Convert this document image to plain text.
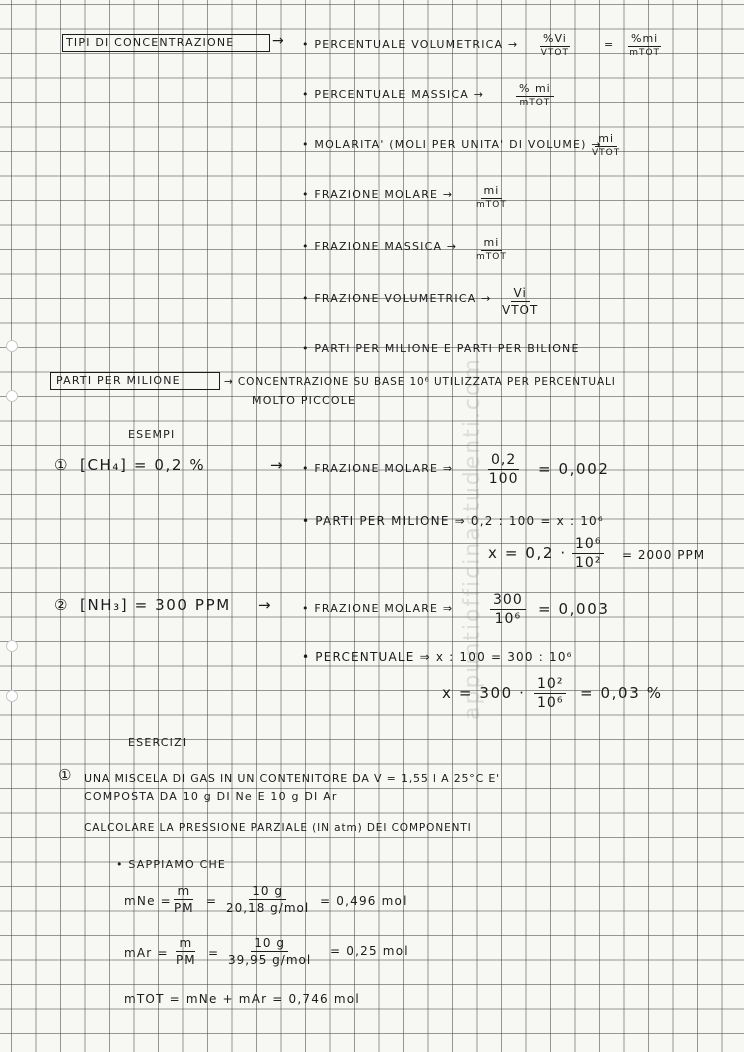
appuntiofficinastudenti.com
TIPI DI CONCENTRAZIONE	→ • PERCENTUALE VOLUMETRICA → %Vi
VTOT
= %mi
mTOT
• PERCENTUALE MASSICA →	% mi
mTOT
• MOLARITA' (MOLI PER UNITA' DI VOLUME) →
mi
VTOT
• FRAZIONE MOLARE →	mi
mTOT
• FRAZIONE MASSICA → mi
mTOT
• FRAZIONE VOLUMETRICA → Vi
VTOT
• PARTI PER MILIONE E PARTI PER BILIONE
PARTI PER MILIONE	→ CONCENTRAZIONE SU BASE 10⁶ UTILIZZATA PER PERCENTUALI
MOLTO PICCOLE
ESEMPI
① [CH₄] = 0,2 %	→ • FRAZIONE MOLARE ⇒ $\frac{0,2}{100} = 0,002$
• PARTI PER MILIONE ⇒ 0,2 : 100 = x : 10⁶
$x = 0,2 \cdot \frac{\text{10⁶}}{\text{10²}} = 2000$ PPM
② [NH₃] = 300 PPM →	• FRAZIONE MOLARE ⇒	$\frac{300}{\text{10⁶}} = 0,003$
• PERCENTUALE ⇒ x : 100 = 300 : 10⁶
$x = 300 \cdot \frac{\text{10²}}{\text{10⁶}} = 0,03$ %
ESERCIZI
① UNA MISCELA DI GAS IN UN CONTENITORE DA V = 1,55 l A 25°C E'
COMPOSTA DA 10 g DI Ne E 10 g DI Ar
CALCOLARE LA PRESSIONE PARZIALE (IN atm) DEI COMPONENTI
• SAPPIAMO CHE
mNe = $\frac{m}{PM}$ =
10 g
20,18 g/mol = 0,496 mol
mAr = $\frac{m}{PM}$ =
10 g
39,95 g/mol
= 0,25 mol
mTOT = mNe + mAr = 0,746 mol
